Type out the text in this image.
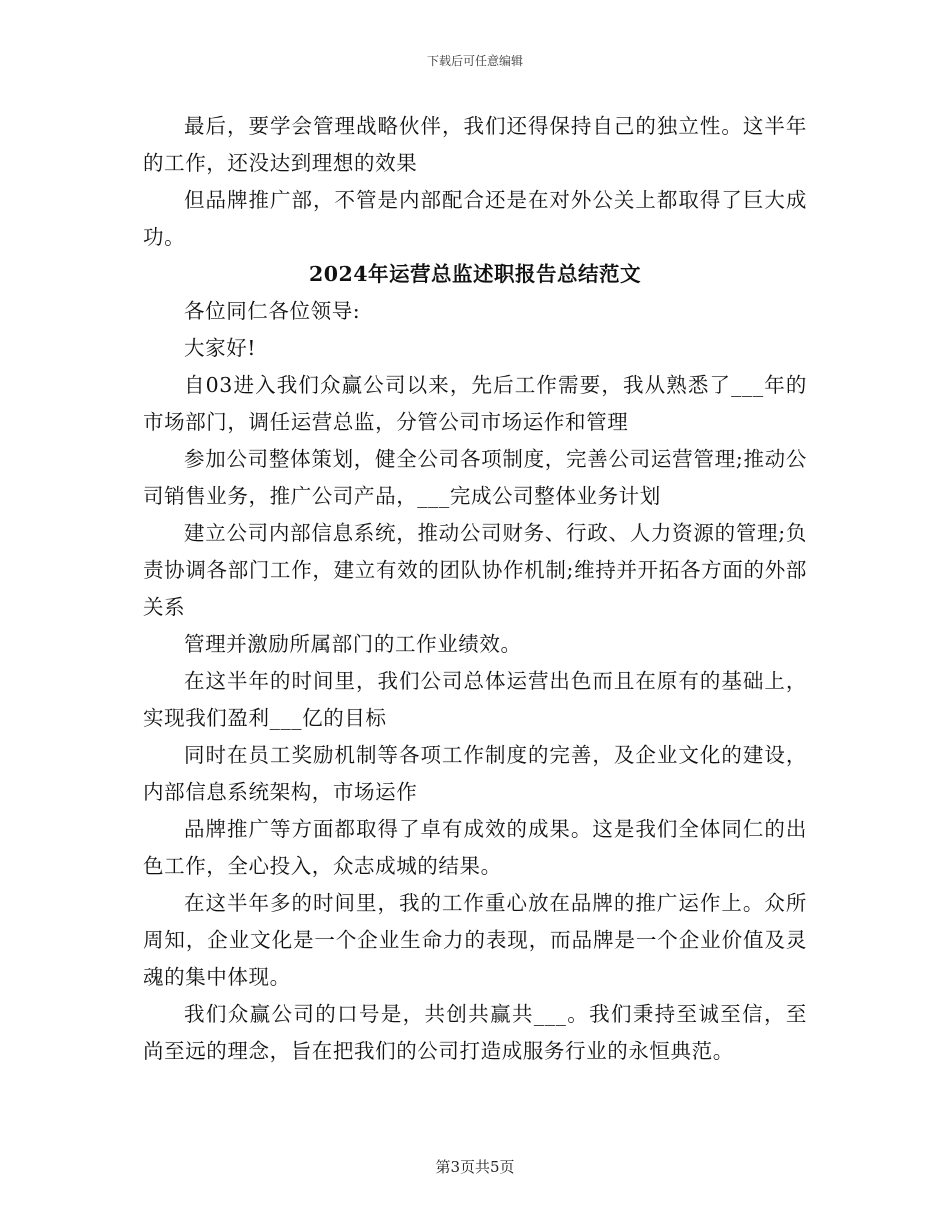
下载后可任意编辑

最后，要学会管理战略伙伴，我们还得保持自己的独立性。这半年的工作，还没达到理想的效果

但品牌推广部，不管是内部配合还是在对外公关上都取得了巨大成功。

2024年运营总监述职报告总结范文

各位同仁各位领导:

大家好!

自03进入我们众赢公司以来，先后工作需要，我从熟悉了___年的市场部门，调任运营总监，分管公司市场运作和管理

参加公司整体策划，健全公司各项制度，完善公司运营管理;推动公司销售业务，推广公司产品，___完成公司整体业务计划

建立公司内部信息系统，推动公司财务、行政、人力资源的管理;负责协调各部门工作，建立有效的团队协作机制;维持并开拓各方面的外部关系

管理并激励所属部门的工作业绩效。

在这半年的时间里，我们公司总体运营出色而且在原有的基础上，实现我们盈利___亿的目标

同时在员工奖励机制等各项工作制度的完善，及企业文化的建设，内部信息系统架构，市场运作

品牌推广等方面都取得了卓有成效的成果。这是我们全体同仁的出色工作，全心投入，众志成城的结果。

在这半年多的时间里，我的工作重心放在品牌的推广运作上。众所周知，企业文化是一个企业生命力的表现，而品牌是一个企业价值及灵魂的集中体现。

我们众赢公司的口号是，共创共赢共___。我们秉持至诚至信，至尚至远的理念，旨在把我们的公司打造成服务行业的永恒典范。

第3页共5页
